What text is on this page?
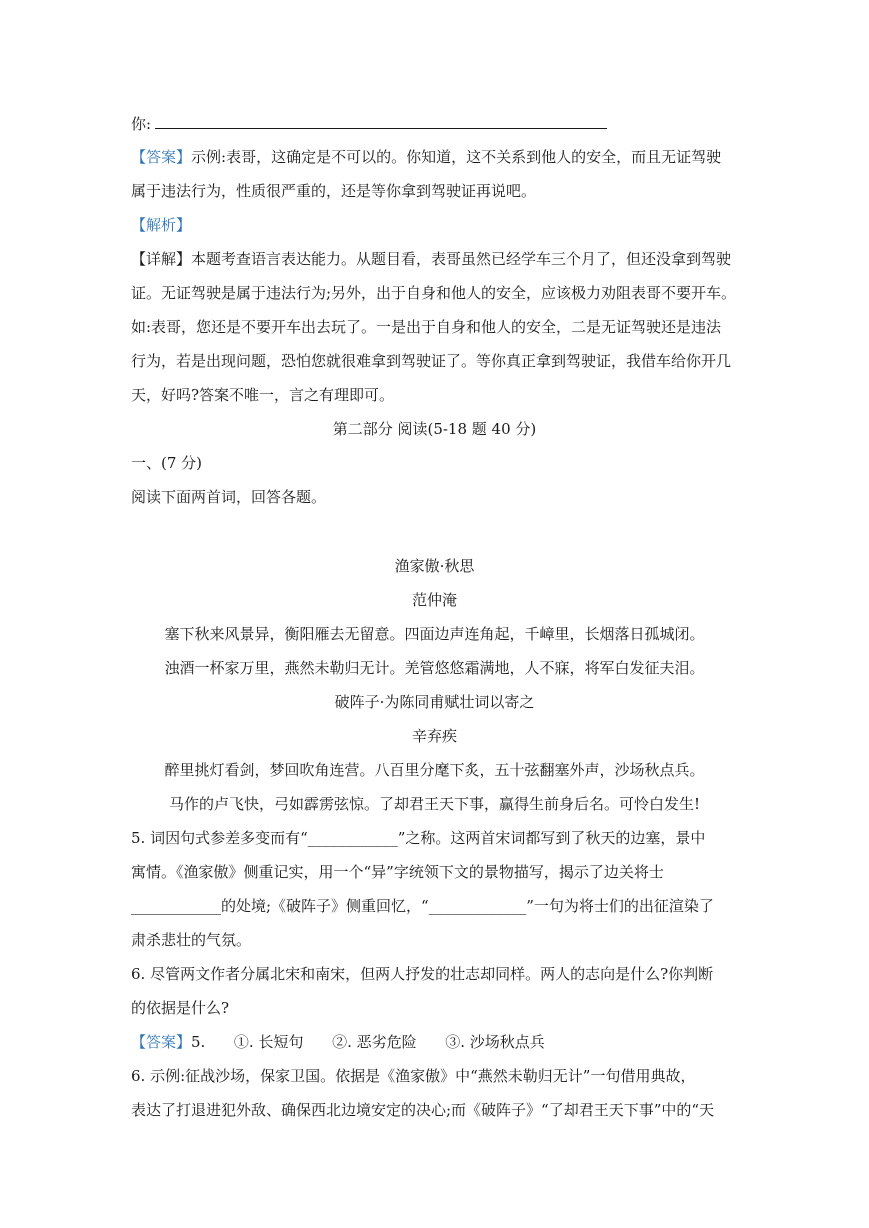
你:
【答案】示例:表哥，这确定是不可以的。你知道，这不关系到他人的安全，而且无证驾驶
属于违法行为，性质很严重的，还是等你拿到驾驶证再说吧。
【解析】
【详解】本题考查语言表达能力。从题目看，表哥虽然已经学车三个月了，但还没拿到驾驶
证。无证驾驶是属于违法行为;另外，出于自身和他人的安全，应该极力劝阻表哥不要开车。
如:表哥，您还是不要开车出去玩了。一是出于自身和他人的安全，二是无证驾驶还是违法
行为，若是出现问题，恐怕您就很难拿到驾驶证了。等你真正拿到驾驶证，我借车给你开几
天，好吗?答案不唯一，言之有理即可。
第二部分 阅读(5-18 题 40 分)
一、(7 分)
阅读下面两首词，回答各题。
渔家傲·秋思
范仲淹
塞下秋来风景异，衡阳雁去无留意。四面边声连角起，千嶂里，长烟落日孤城闭。
浊酒一杯家万里，燕然未勒归无计。羌管悠悠霜满地，人不寐，将军白发征夫泪。
破阵子·为陈同甫赋壮词以寄之
辛弃疾
醉里挑灯看剑，梦回吹角连营。八百里分麾下炙，五十弦翻塞外声，沙场秋点兵。
马作的卢飞快，弓如霹雳弦惊。了却君王天下事，赢得生前身后名。可怜白发生!
5. 词因句式参差多变而有“____________”之称。这两首宋词都写到了秋天的边塞，景中
寓情。《渔家傲》侧重记实，用一个“异”字统领下文的景物描写，揭示了边关将士
____________的处境;《破阵子》侧重回忆，“_____________”一句为将士们的出征渲染了
肃杀悲壮的气氛。
6. 尽管两文作者分属北宋和南宋，但两人抒发的壮志却同样。两人的志向是什么?你判断
的依据是什么?
【答案】5.      ①. 长短句      ②. 恶劣危险      ③. 沙场秋点兵
6. 示例:征战沙场，保家卫国。依据是《渔家傲》中“燕然未勒归无计”一句借用典故，
表达了打退进犯外敌、确保西北边境安定的决心;而《破阵子》“了却君王天下事”中的“天
